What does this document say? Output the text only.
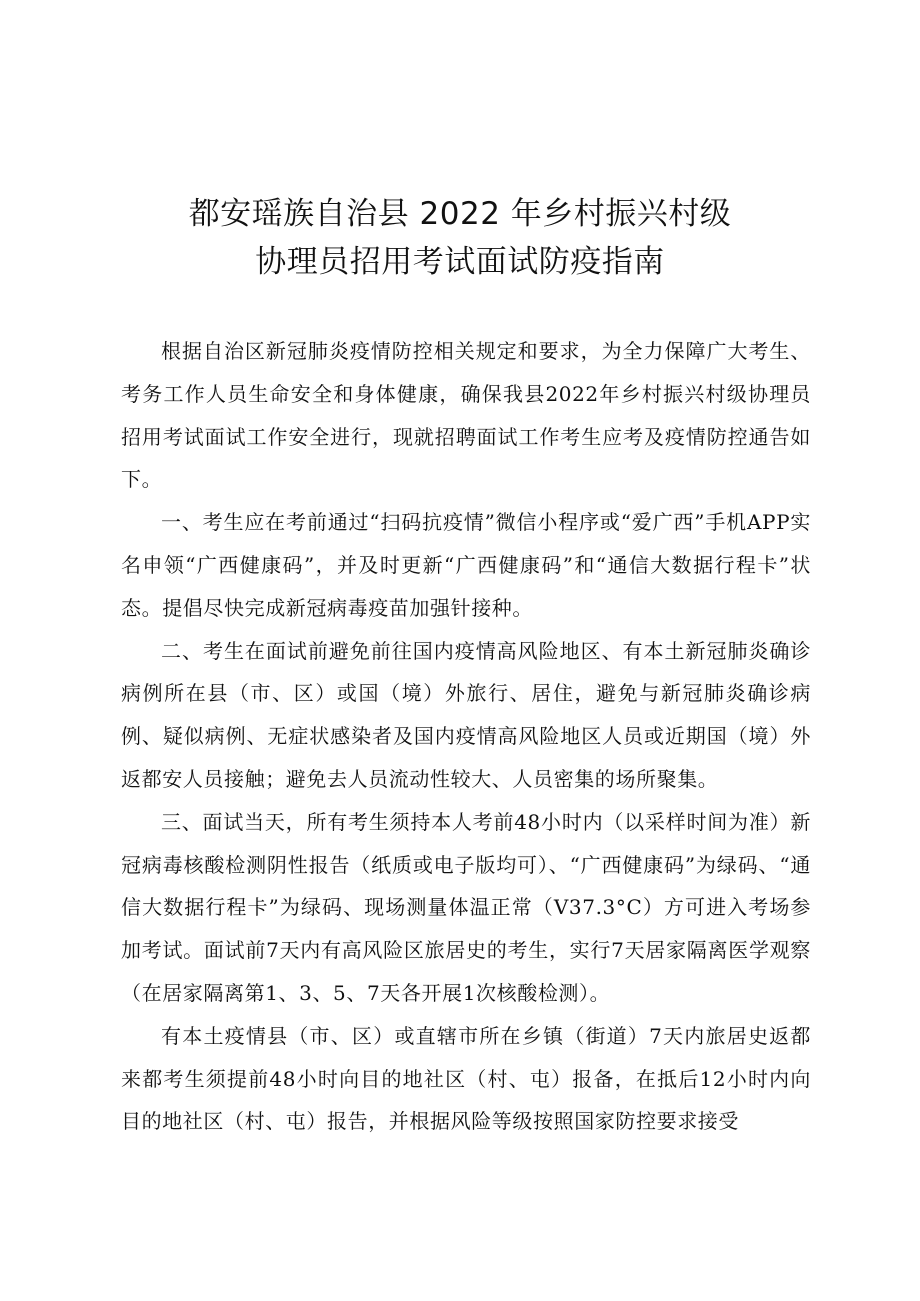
都安瑶族自治县 2022 年乡村振兴村级
协理员招用考试面试防疫指南

根据自治区新冠肺炎疫情防控相关规定和要求，为全力保障广大考生、考务工作人员生命安全和身体健康，确保我县2022年乡村振兴村级协理员招用考试面试工作安全进行，现就招聘面试工作考生应考及疫情防控通告如下。

一、考生应在考前通过“扫码抗疫情”微信小程序或“爱广西”手机APP实名申领“广西健康码”，并及时更新“广西健康码”和“通信大数据行程卡”状态。提倡尽快完成新冠病毒疫苗加强针接种。

二、考生在面试前避免前往国内疫情高风险地区、有本土新冠肺炎确诊病例所在县（市、区）或国（境）外旅行、居住，避免与新冠肺炎确诊病例、疑似病例、无症状感染者及国内疫情高风险地区人员或近期国（境）外返都安人员接触；避免去人员流动性较大、人员密集的场所聚集。

三、面试当天，所有考生须持本人考前48小时内（以采样时间为准）新冠病毒核酸检测阴性报告（纸质或电子版均可）、“广西健康码”为绿码、“通信大数据行程卡”为绿码、现场测量体温正常（V37.3°C）方可进入考场参加考试。面试前7天内有高风险区旅居史的考生，实行7天居家隔离医学观察（在居家隔离第1、3、5、7天各开展1次核酸检测）。

有本土疫情县（市、区）或直辖市所在乡镇（街道）7天内旅居史返都来都考生须提前48小时向目的地社区（村、屯）报备，在抵后12小时内向目的地社区（村、屯）报告，并根据风险等级按照国家防控要求接受
